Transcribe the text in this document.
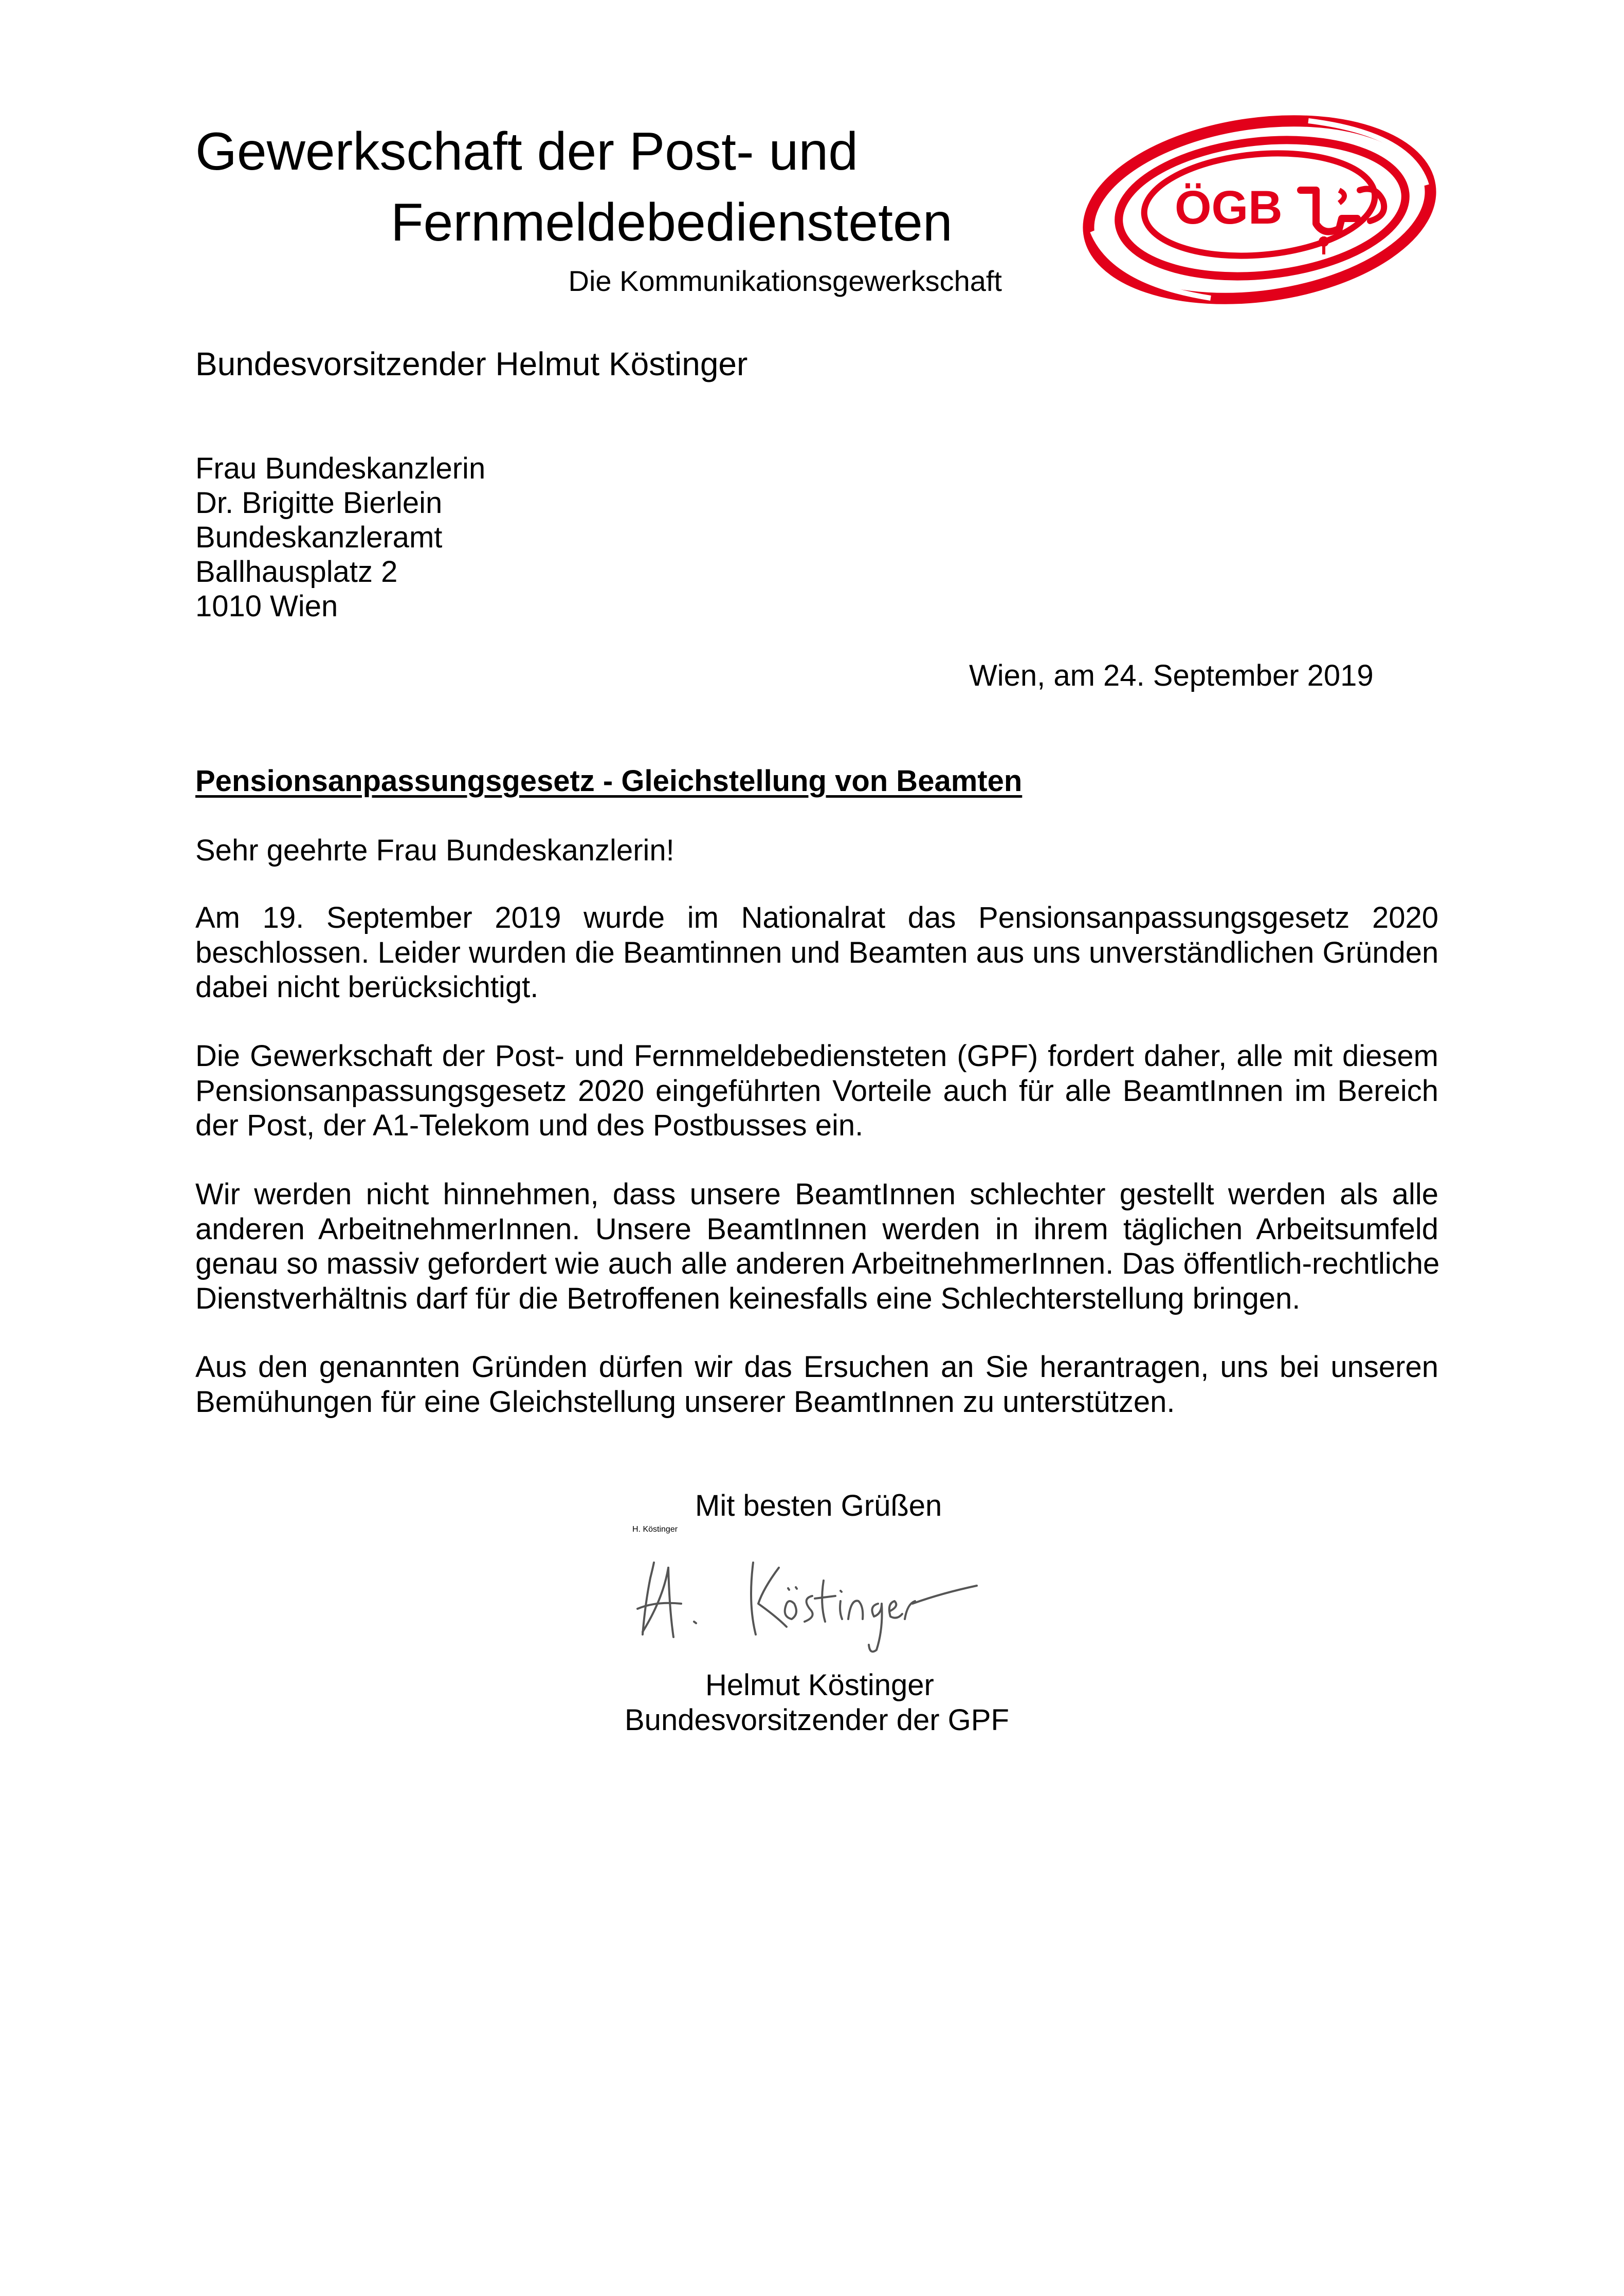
Gewerkschaft der Post- und
Fernmeldebediensteten
Die Kommunikationsgewerkschaft
ÖGB
Bundesvorsitzender Helmut Köstinger
Frau Bundeskanzlerin
Dr. Brigitte Bierlein
Bundeskanzleramt
Ballhausplatz 2
1010 Wien
Wien, am 24. September 2019
Pensionsanpassungsgesetz - Gleichstellung von Beamten
Sehr geehrte Frau Bundeskanzlerin!
Am 19. September 2019 wurde im Nationalrat das Pensionsanpassungsgesetz 2020
beschlossen. Leider wurden die Beamtinnen und Beamten aus uns unverständlichen Gründen
dabei nicht berücksichtigt.
Die Gewerkschaft der Post- und Fernmeldebediensteten (GPF) fordert daher, alle mit diesem
Pensionsanpassungsgesetz 2020 eingeführten Vorteile auch für alle BeamtInnen im Bereich
der Post, der A1-Telekom und des Postbusses ein.
Wir werden nicht hinnehmen, dass unsere BeamtInnen schlechter gestellt werden als alle
anderen ArbeitnehmerInnen. Unsere BeamtInnen werden in ihrem täglichen Arbeitsumfeld
genau so massiv gefordert wie auch alle anderen ArbeitnehmerInnen. Das öffentlich-rechtliche
Dienstverhältnis darf für die Betroffenen keinesfalls eine Schlechterstellung bringen.
Aus den genannten Gründen dürfen wir das Ersuchen an Sie herantragen, uns bei unseren
Bemühungen für eine Gleichstellung unserer BeamtInnen zu unterstützen.
Mit besten Grüßen
H. Köstinger
Helmut Köstinger
Bundesvorsitzender der GPF
